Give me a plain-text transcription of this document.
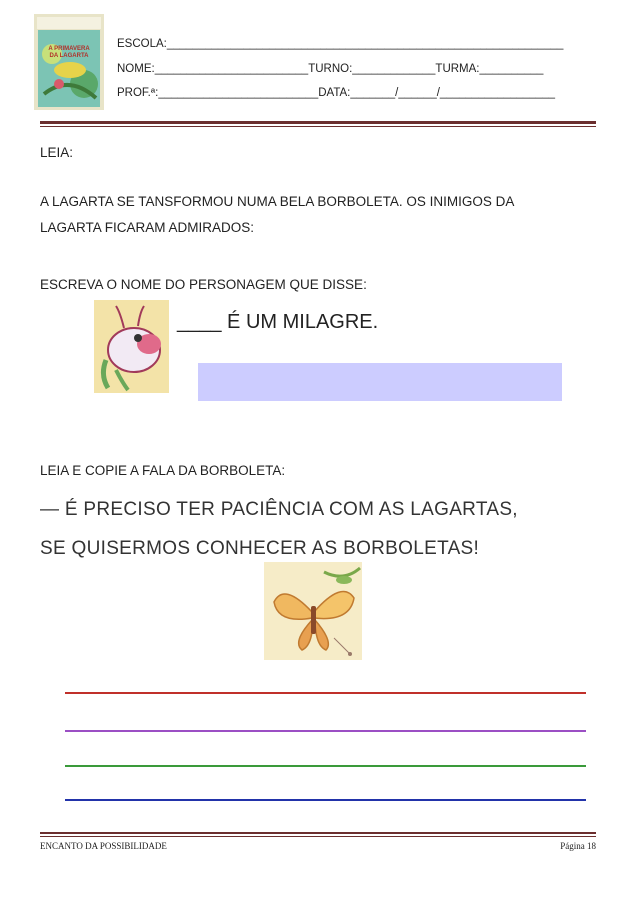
A PRIMAVERA DA LAGARTA
ESCOLA:______________________________________________________________
NOME:________________________TURNO:_____________TURMA:__________
PROF.ª:_________________________DATA:_______/______/__________________
LEIA:
A LAGARTA SE TANSFORMOU NUMA BELA BORBOLETA. OS INIMIGOS DA
LAGARTA FICARAM ADMIRADOS:
ESCREVA O NOME DO PERSONAGEM QUE DISSE:
____ É UM MILAGRE.
LEIA E COPIE A FALA DA BORBOLETA:
— É PRECISO TER PACIÊNCIA COM AS LAGARTAS,
SE QUISERMOS CONHECER AS BORBOLETAS!
ENCANTO DA POSSIBILIDADE	Página 18
